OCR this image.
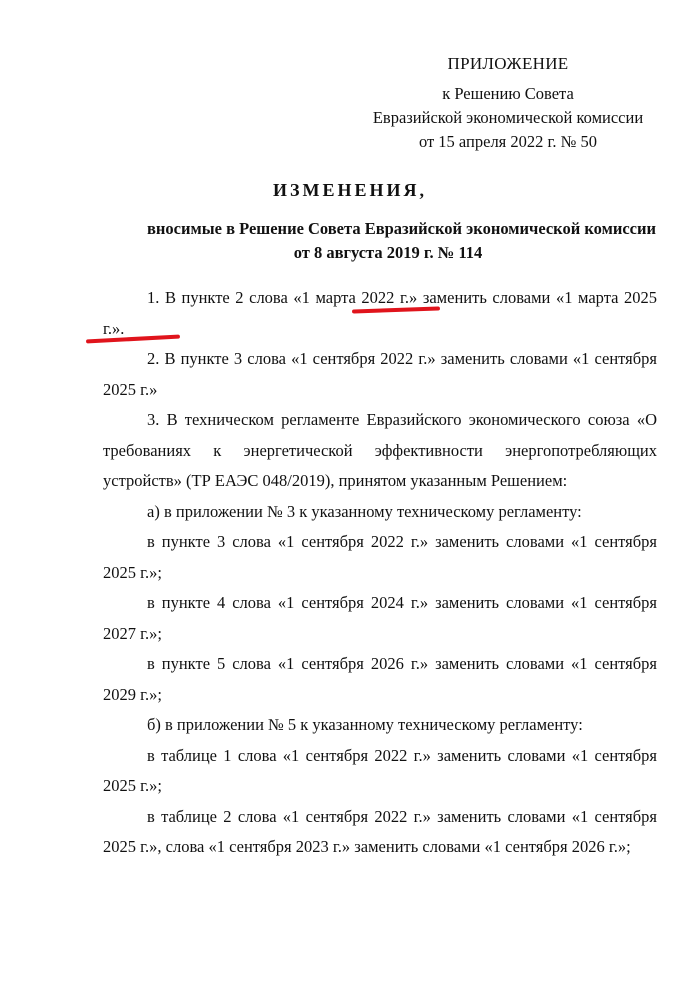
ПРИЛОЖЕНИЕ
к Решению Совета
Евразийской экономической комиссии
от 15 апреля 2022 г. № 50
ИЗМЕНЕНИЯ,
вносимые в Решение Совета Евразийской экономической комиссии
от 8 августа 2019 г. № 114

1. В пункте 2 слова «1 марта 2022 г.» заменить словами «1 марта 2025 г.».

2. В пункте 3 слова «1 сентября 2022 г.» заменить словами «1 сентября 2025 г.»

3. В техническом регламенте Евразийского экономического союза «О требованиях к энергетической эффективности энергопотребляющих устройств» (ТР ЕАЭС 048/2019), принятом указанным Решением:

а) в приложении № 3 к указанному техническому регламенту:

в пункте 3 слова «1 сентября 2022 г.» заменить словами «1 сентября 2025 г.»;

в пункте 4 слова «1 сентября 2024 г.» заменить словами «1 сентября 2027 г.»;

в пункте 5 слова «1 сентября 2026 г.» заменить словами «1 сентября 2029 г.»;

б) в приложении № 5 к указанному техническому регламенту:

в таблице 1 слова «1 сентября 2022 г.» заменить словами «1 сентября 2025 г.»;

в таблице 2 слова «1 сентября 2022 г.» заменить словами «1 сентября 2025 г.», слова «1 сентября 2023 г.» заменить словами «1 сентября 2026 г.»;
